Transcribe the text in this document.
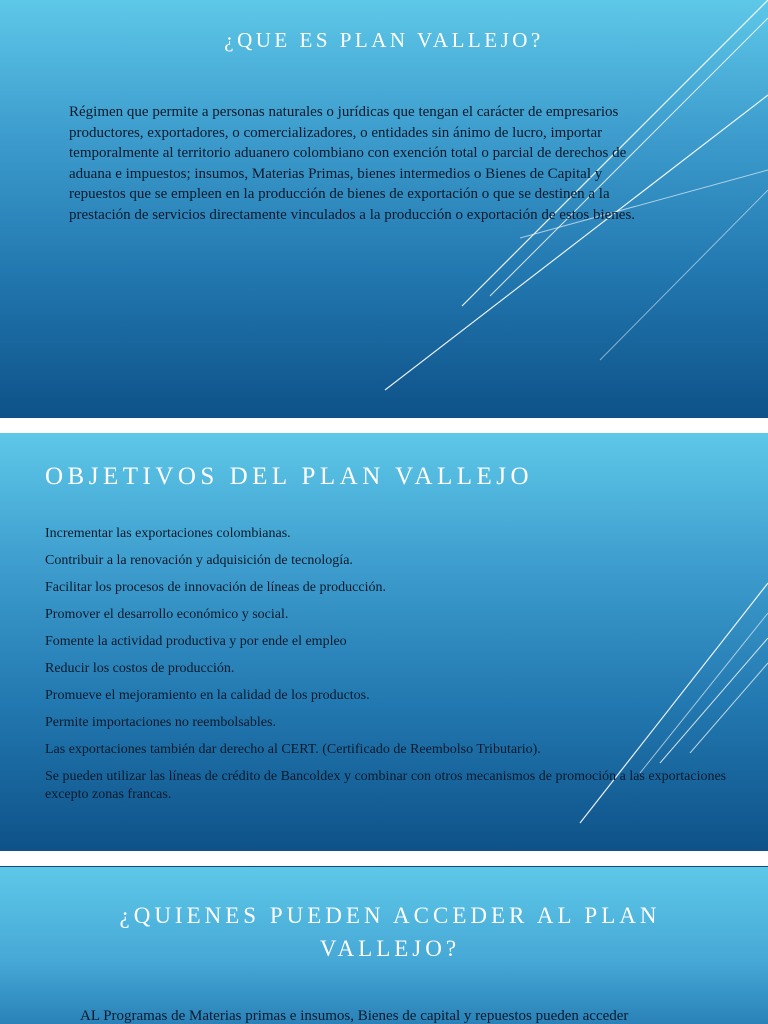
¿QUE ES PLAN VALLEJO?

Régimen que permite a personas naturales o jurídicas que tengan el carácter de empresarios productores, exportadores, o comercializadores, o entidades sin ánimo de lucro, importar temporalmente al territorio aduanero colombiano con exención total o parcial de derechos de aduana e impuestos; insumos, Materias Primas, bienes intermedios o Bienes de Capital y repuestos que se empleen en la producción de bienes de exportación o que se destinen a la prestación de servicios directamente vinculados a la producción o exportación de estos bienes.

OBJETIVOS DEL PLAN VALLEJO
Incrementar las exportaciones colombianas.
Contribuir a la renovación y adquisición de tecnología.
Facilitar los procesos de innovación de líneas de producción.
Promover el desarrollo económico y social.
Fomente la actividad productiva y por ende el empleo
Reducir los costos de producción.
Promueve el mejoramiento en la calidad de los productos.
Permite importaciones no reembolsables.
Las exportaciones también dar derecho al CERT. (Certificado de Reembolso Tributario).
Se pueden utilizar las líneas de crédito de Bancoldex y combinar con otros mecanismos de promoción a las exportaciones excepto zonas francas.
¿QUIENES PUEDEN ACCEDER AL PLAN VALLEJO?
AL Programas de Materias primas e insumos, Bienes de capital y repuestos pueden acceder
